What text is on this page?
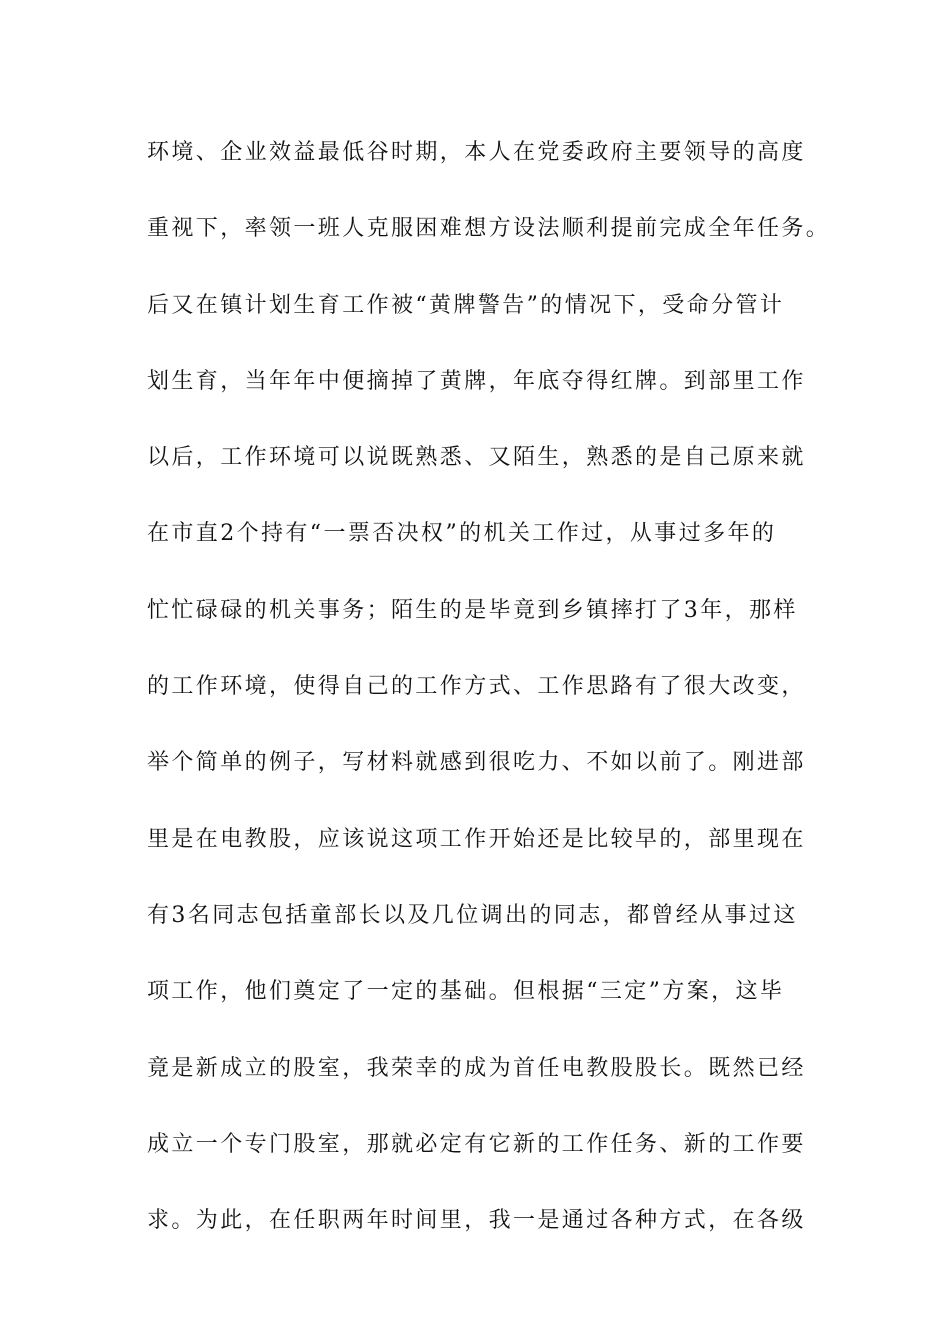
环境、企业效益最低谷时期，本人在党委政府主要领导的高度
重视下，率领一班人克服困难想方设法顺利提前完成全年任务。
后又在镇计划生育工作被“黄牌警告”的情况下，受命分管计
划生育，当年年中便摘掉了黄牌，年底夺得红牌。到部里工作
以后，工作环境可以说既熟悉、又陌生，熟悉的是自己原来就
在市直2个持有“一票否决权”的机关工作过，从事过多年的
忙忙碌碌的机关事务；陌生的是毕竟到乡镇摔打了3年，那样
的工作环境，使得自己的工作方式、工作思路有了很大改变，
举个简单的例子，写材料就感到很吃力、不如以前了。刚进部
里是在电教股，应该说这项工作开始还是比较早的，部里现在
有3名同志包括童部长以及几位调出的同志，都曾经从事过这
项工作，他们奠定了一定的基础。但根据“三定”方案，这毕
竟是新成立的股室，我荣幸的成为首任电教股股长。既然已经
成立一个专门股室，那就必定有它新的工作任务、新的工作要
求。为此，在任职两年时间里，我一是通过各种方式，在各级
